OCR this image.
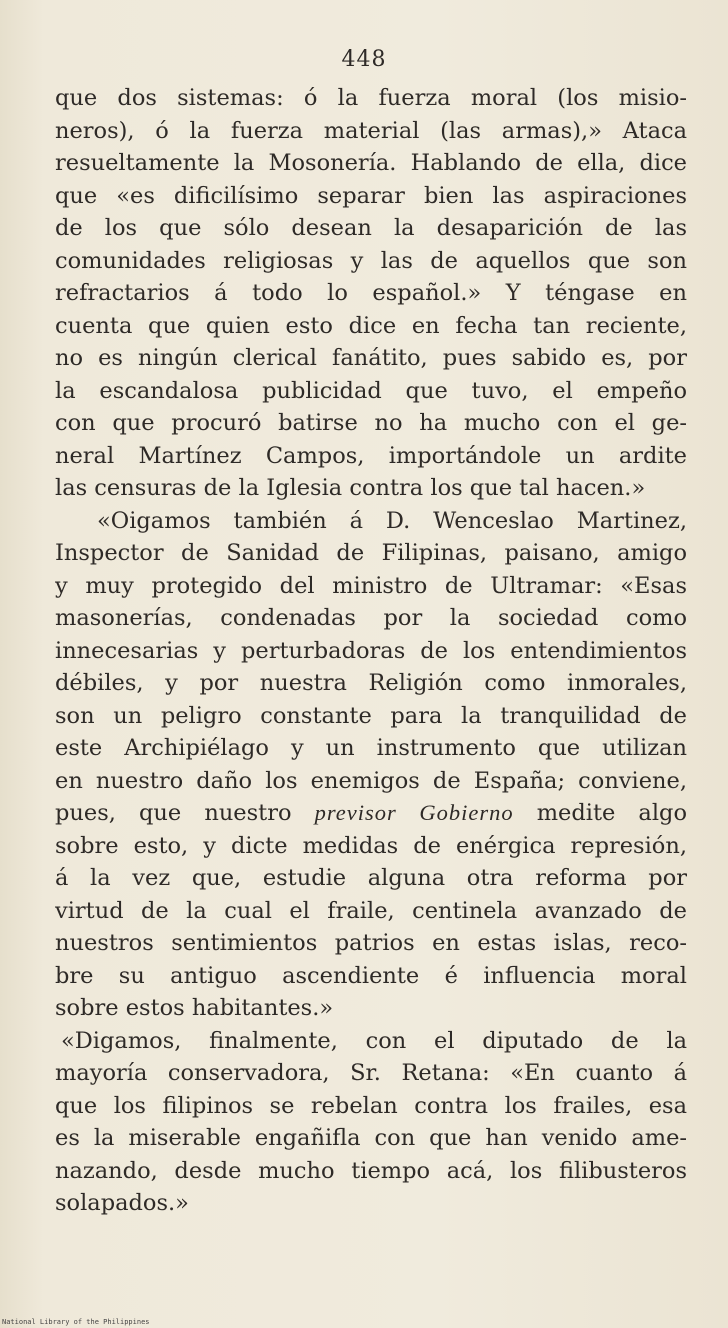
448
que dos sistemas: ó la fuerza moral (los misio-
neros), ó la fuerza material (las armas),» Ataca
resueltamente la Mosonería. Hablando de ella, dice
que «es dificilísimo separar bien las aspiraciones
de los que sólo desean la desaparición de las
comunidades religiosas y las de aquellos que son
refractarios á todo lo español.» Y téngase en
cuenta que quien esto dice en fecha tan reciente,
no es ningún clerical fanátito, pues sabido es, por
la escandalosa publicidad que tuvo, el empeño
con que procuró batirse no ha mucho con el ge-
neral Martínez Campos, importándole un ardite
las censuras de la Iglesia contra los que tal hacen.»
«Oigamos también á D. Wenceslao Martinez,
Inspector de Sanidad de Filipinas, paisano, amigo
y muy protegido del ministro de Ultramar: «Esas
masonerías, condenadas por la sociedad como
innecesarias y perturbadoras de los entendimientos
débiles, y por nuestra Religión como inmorales,
son un peligro constante para la tranquilidad de
este Archipiélago y un instrumento que utilizan
en nuestro daño los enemigos de España; conviene,
pues, que nuestro previsor Gobierno medite algo
sobre esto, y dicte medidas de enérgica represión,
á la vez que, estudie alguna otra reforma por
virtud de la cual el fraile, centinela avanzado de
nuestros sentimientos patrios en estas islas, reco-
bre su antiguo ascendiente é influencia moral
sobre estos habitantes.»
«Digamos, finalmente, con el diputado de la
mayoría conservadora, Sr. Retana: «En cuanto á
que los filipinos se rebelan contra los frailes, esa
es la miserable engañifla con que han venido ame-
nazando, desde mucho tiempo acá, los filibusteros
solapados.»
National Library of the Philippines
